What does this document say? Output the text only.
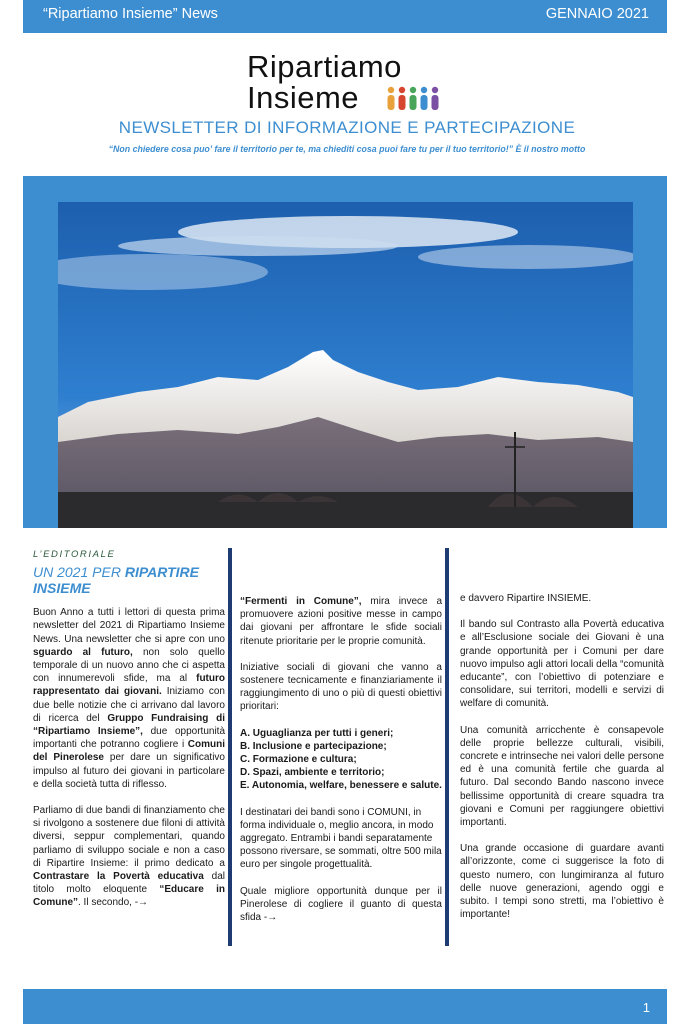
“Ripartiamo Insieme” News	GENNAIO 2021
Ripartiamo
Insieme
NEWSLETTER DI INFORMAZIONE E PARTECIPAZIONE
“Non chiedere cosa puo’ fare il territorio per te, ma chiediti cosa puoi fare tu per il tuo territorio!” È il nostro motto
L’EDITORIALE
UN 2021 PER RIPARTIRE INSIEME

Buon Anno a tutti i lettori di questa prima newsletter del 2021 di Ripartiamo Insieme News. Una newsletter che si apre con uno sguardo al futuro, non solo quello temporale di un nuovo anno che ci aspetta con innumerevoli sfide, ma al futuro rappresentato dai giovani. Iniziamo con due belle notizie che ci arrivano dal lavoro di ricerca del Gruppo Fundraising di “Ripartiamo Insieme”, due opportunità importanti che potranno cogliere i Comuni del Pinerolese per dare un significativo impulso al futuro dei giovani in particolare e della società tutta di riflesso.

Parliamo di due bandi di finanziamento che si rivolgono a sostenere due filoni di attività diversi, seppur complementari, quando parliamo di sviluppo sociale e non a caso di Ripartire Insieme: il primo dedicato a Contrastare la Povertà educativa dal titolo molto eloquente “Educare in Comune”. Il secondo, -→

“Fermenti in Comune”, mira invece a promuovere azioni positive messe in campo dai giovani per affrontare le sfide sociali ritenute prioritarie per le proprie comunità.

Iniziative sociali di giovani che vanno a sostenere tecnicamente e finanziariamente il raggiungimento di uno o più di questi obiettivi prioritari:

A. Uguaglianza per tutti i generi;
B. Inclusione e partecipazione;
C. Formazione e cultura;
D. Spazi, ambiente e territorio;
E. Autonomia, welfare, benessere e salute.

I destinatari dei bandi sono i COMUNI, in forma individuale o, meglio ancora, in modo aggregato. Entrambi i bandi separatamente possono riversare, se sommati, oltre 500 mila euro per singole progettualità.

Quale migliore opportunità dunque per il Pinerolese di cogliere il guanto di questa sfida -→

e davvero Ripartire INSIEME.

Il bando sul Contrasto alla Povertà educativa e all’Esclusione sociale dei Giovani è una grande opportunità per i Comuni per dare nuovo impulso agli attori locali della “comunità educante”, con l’obiettivo di potenziare e consolidare, sui territori, modelli e servizi di welfare di comunità.

Una comunità arricchente è consapevole delle proprie bellezze culturali, visibili, concrete e intrinseche nei valori delle persone ed è una comunità fertile che guarda al futuro. Dal secondo Bando nascono invece bellissime opportunità di creare squadra tra giovani e Comuni per raggiungere obiettivi importanti.

Una grande occasione di guardare avanti all’orizzonte, come ci suggerisce la foto di questo numero, con lungimiranza al futuro delle nuove generazioni, agendo oggi e subito. I tempi sono stretti, ma l’obiettivo è importante!

1
